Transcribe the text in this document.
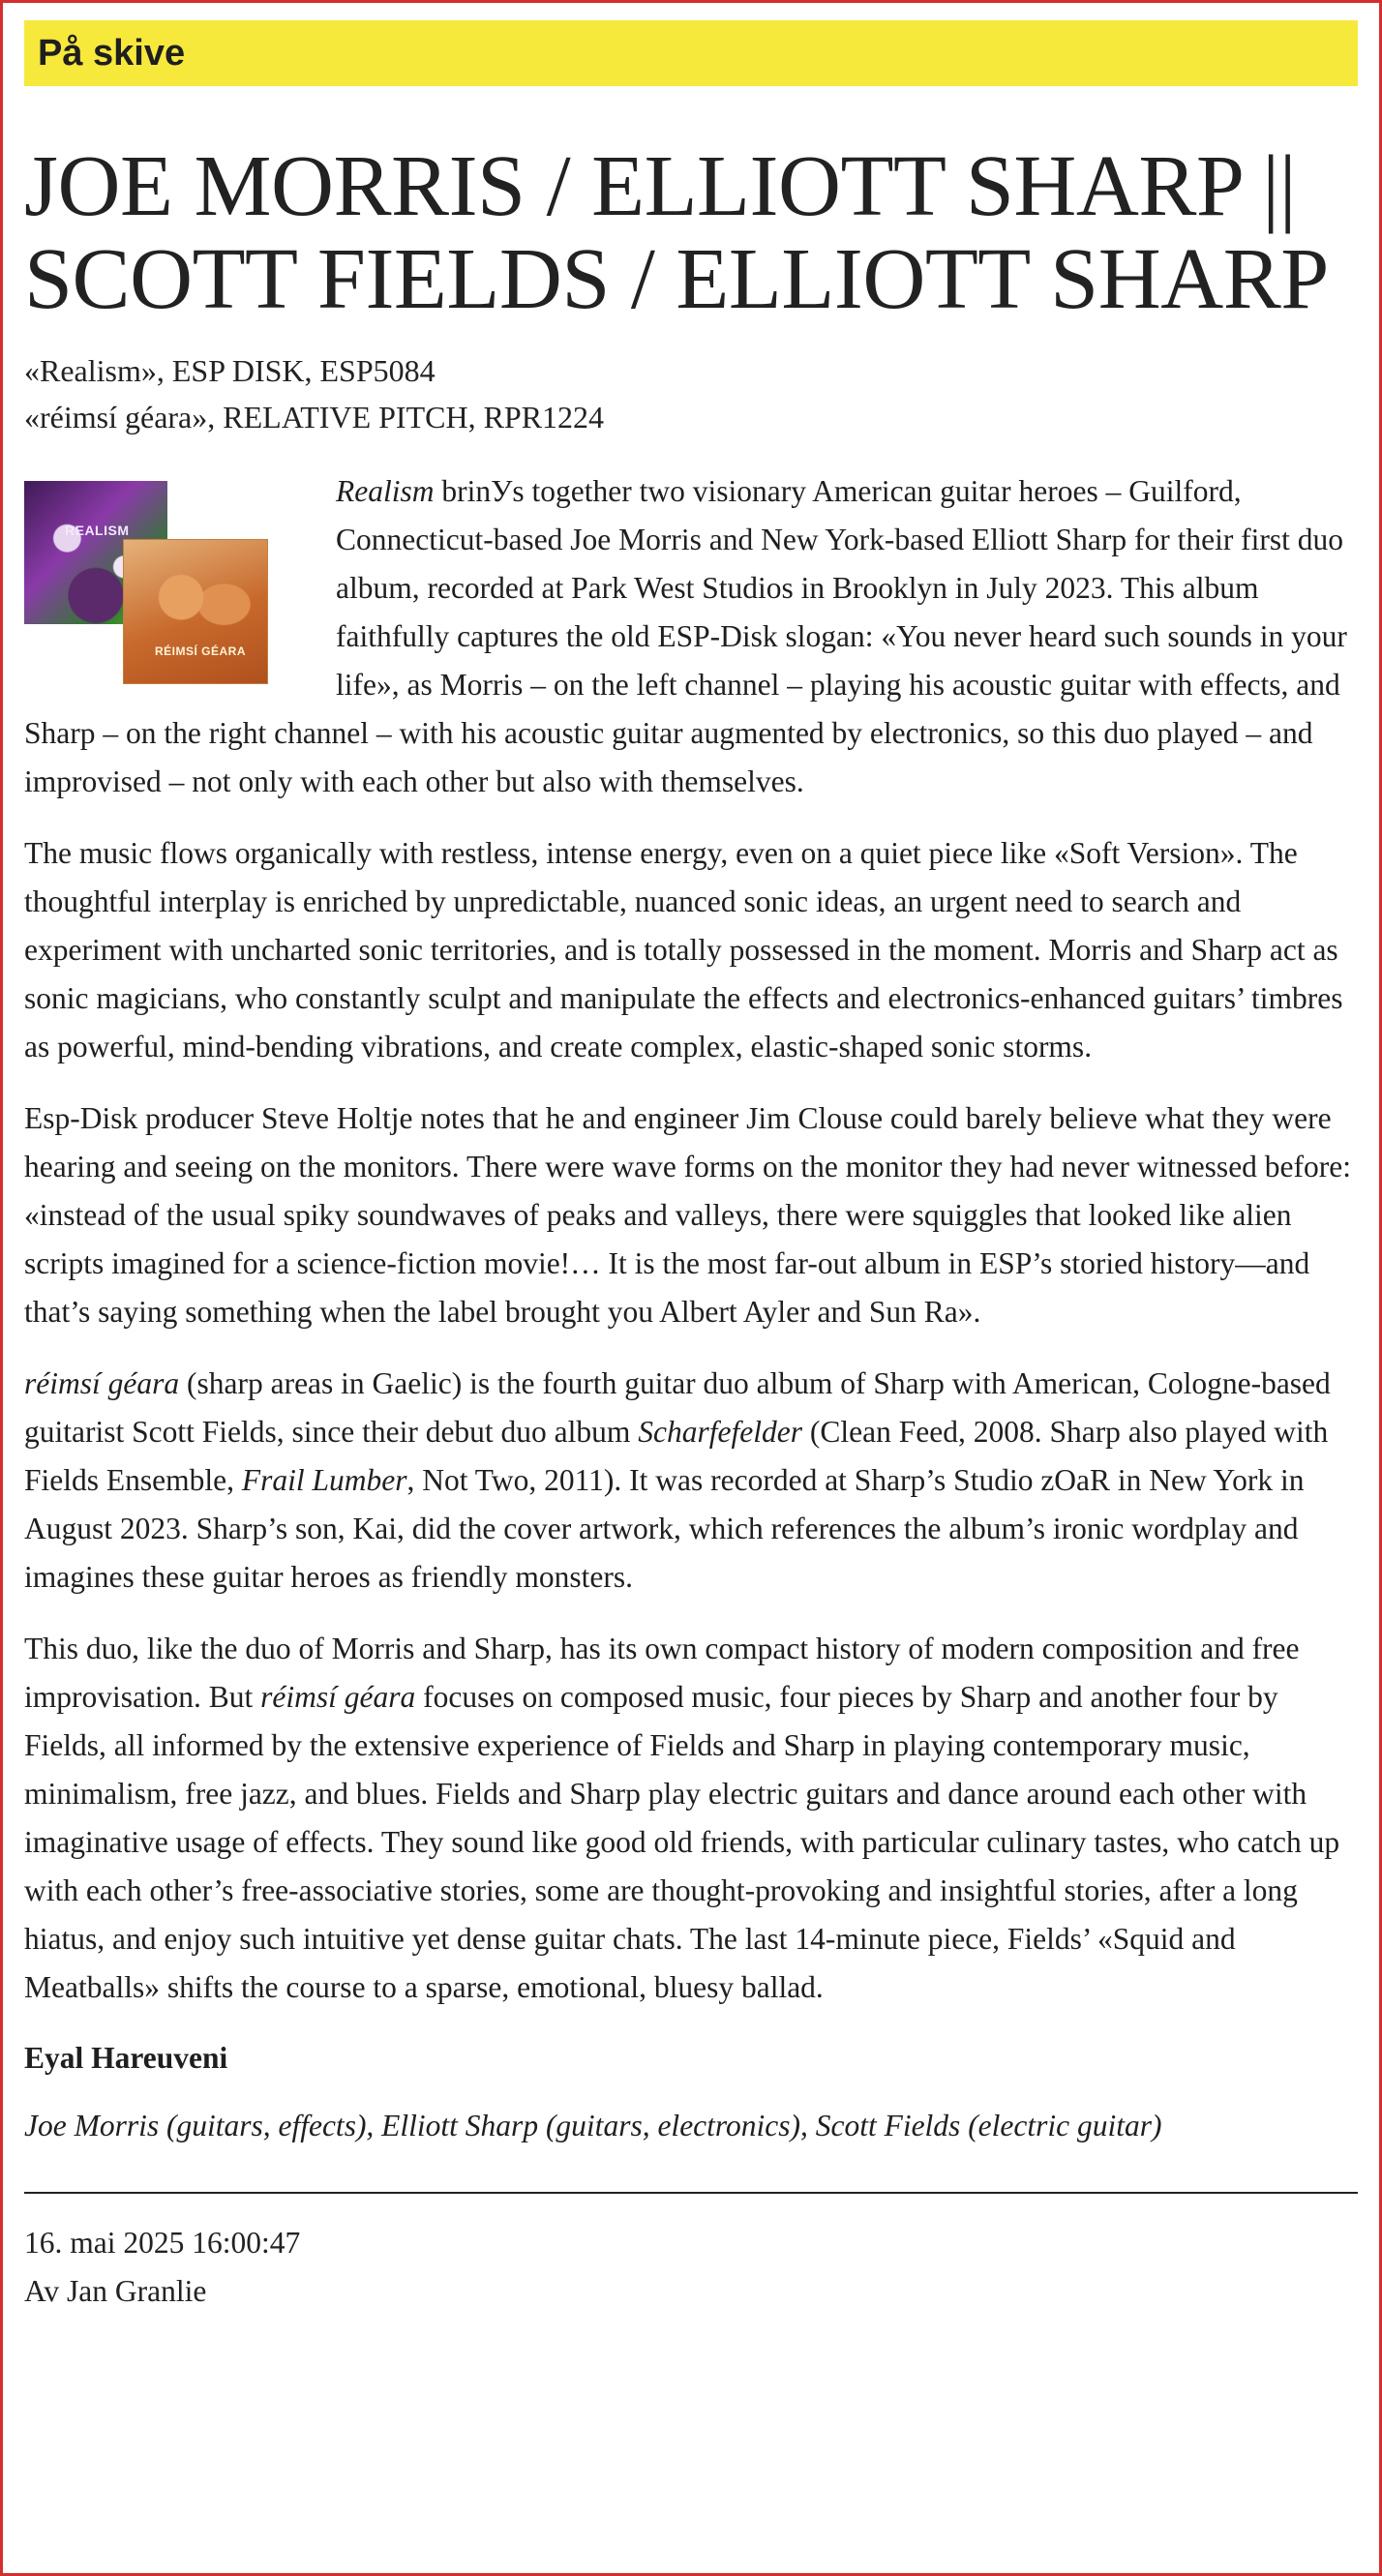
På skive
JOE MORRIS / ELLIOTT SHARP || SCOTT FIELDS / ELLIOTT SHARP
«Realism», ESP DISK, ESP5084
«réimsí géara», RELATIVE PITCH, RPR1224
REALISM
RÉIMSÍ GÉARA

Realism brinУs together two visionary American guitar heroes – Guilford, Connecticut-based Joe Morris and New York-based Elliott Sharp for their first duo album, recorded at Park West Studios in Brooklyn in July 2023. This album faithfully captures the old ESP-Disk slogan: «You never heard such sounds in your life», as Morris – on the left channel – playing his acoustic guitar with effects, and Sharp – on the right channel – with his acoustic guitar augmented by electronics, so this duo played – and improvised – not only with each other but also with themselves.

The music flows organically with restless, intense energy, even on a quiet piece like «Soft Version». The thoughtful interplay is enriched by unpredictable, nuanced sonic ideas, an urgent need to search and experiment with uncharted sonic territories, and is totally possessed in the moment. Morris and Sharp act as sonic magicians, who constantly sculpt and manipulate the effects and electronics-enhanced guitars’ timbres as powerful, mind-bending vibrations, and create complex, elastic-shaped sonic storms.

Esp-Disk producer Steve Holtje notes that he and engineer Jim Clouse could barely believe what they were hearing and seeing on the monitors. There were wave forms on the monitor they had never witnessed before: «instead of the usual spiky soundwaves of peaks and valleys, there were squiggles that looked like alien scripts imagined for a science-fiction movie!… It is the most far-out album in ESP’s storied history—and that’s saying something when the label brought you Albert Ayler and Sun Ra».

réimsí géara (sharp areas in Gaelic) is the fourth guitar duo album of Sharp with American, Cologne-based guitarist Scott Fields, since their debut duo album Scharfefelder (Clean Feed, 2008. Sharp also played with Fields Ensemble, Frail Lumber, Not Two, 2011). It was recorded at Sharp’s Studio zOaR in New York in August 2023. Sharp’s son, Kai, did the cover artwork, which references the album’s ironic wordplay and imagines these guitar heroes as friendly monsters.

This duo, like the duo of Morris and Sharp, has its own compact history of modern composition and free improvisation. But réimsí géara focuses on composed music, four pieces by Sharp and another four by Fields, all informed by the extensive experience of Fields and Sharp in playing contemporary music, minimalism, free jazz, and blues. Fields and Sharp play electric guitars and dance around each other with imaginative usage of effects. They sound like good old friends, with particular culinary tastes, who catch up with each other’s free-associative stories, some are thought-provoking and insightful stories, after a long hiatus, and enjoy such intuitive yet dense guitar chats. The last 14-minute piece, Fields’ «Squid and Meatballs» shifts the course to a sparse, emotional, bluesy ballad.

Eyal Hareuveni
Joe Morris (guitars, effects), Elliott Sharp (guitars, electronics), Scott Fields (electric guitar)
16. mai 2025 16:00:47
Av Jan Granlie
